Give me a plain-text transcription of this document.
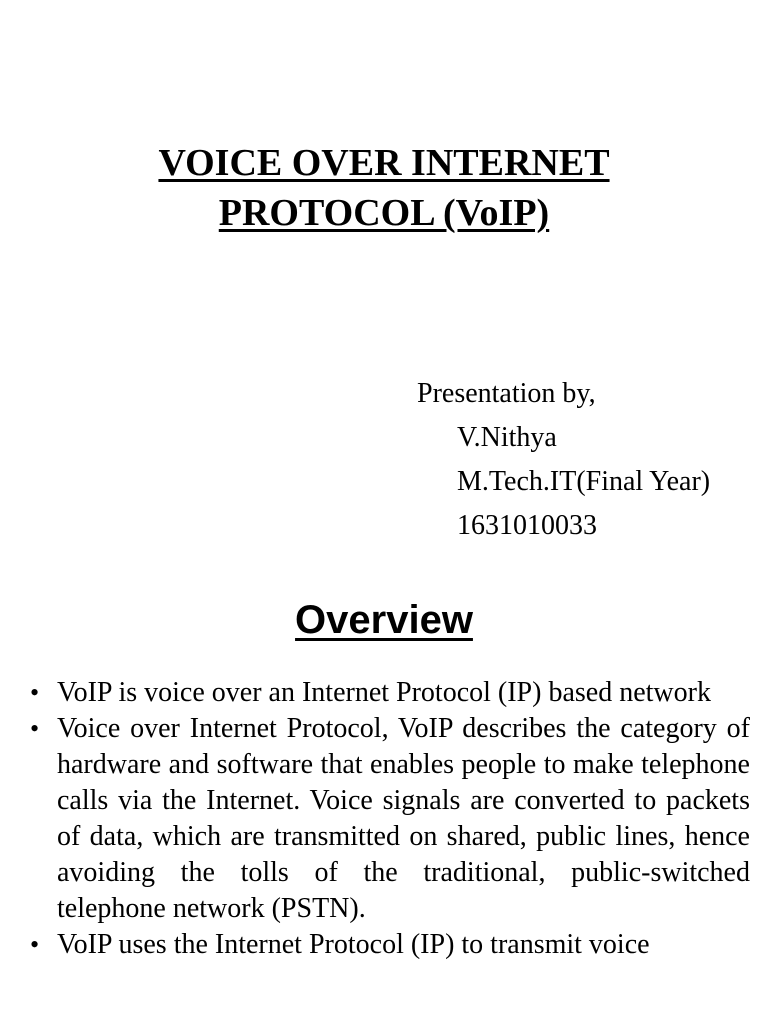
VOICE OVER INTERNET
PROTOCOL (VoIP)
Presentation by,
V.Nithya
M.Tech.IT(Final Year)
1631010033
Overview
• VoIP is voice over an Internet Protocol (IP) based network
• Voice over Internet Protocol, VoIP describes the category of hardware and software that enables people to make telephone calls via the Internet. Voice signals are converted to packets of data, which are transmitted on shared, public lines, hence avoiding the tolls of the traditional, public-switched telephone network (PSTN).
• VoIP uses the Internet Protocol (IP) to transmit voice
